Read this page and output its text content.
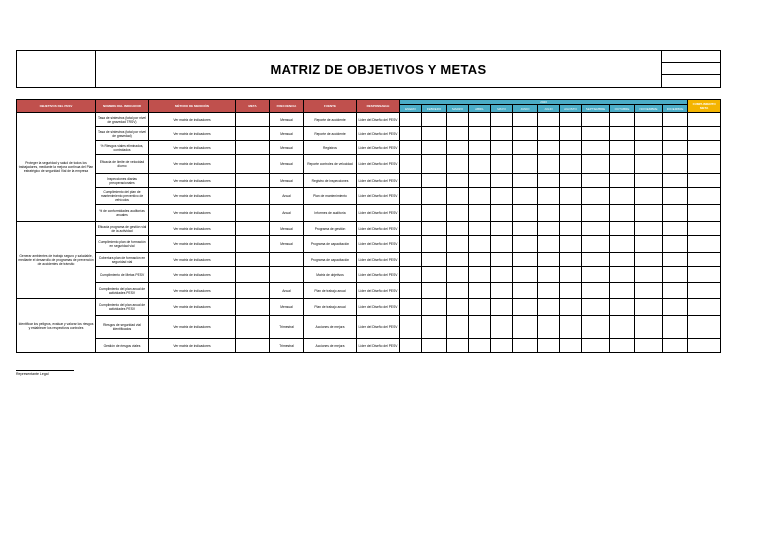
MATRIZ DE OBJETIVOS Y METAS
OBJETIVOS DEL PESV	NOMBRE DEL INDICADOR	MÉTODO DE MEDICIÓN	META	FRECUENCIA	FUENTE	RESPONSABLE	2020												CUMPLIMIENTO META
							ENERO	FEBRERO	MARZO	ABRIL	MAYO	JUNIO	JULIO	AGOSTO	SEPTIEMBRE	OCTUBRE	NOVIEMBRE	DICIEMBRE	
Proteger la seguridad y salud de todos los trabajadores, mediante la mejora continua del Plan estratégico de seguridad Vial de la empresa	Tasa de siniestros (total por nivel de gravedad TRSV)	Ver matriz de indicadores		Mensual	Reporte de accidente	Líder del Diseño del PESV													
	Tasa de siniestros (total por nivel de gravedad)	Ver matriz de indicadores		Mensual	Reporte de accidente	Líder del Diseño del PESV													
	% Riesgos viales eliminados, controlados	Ver matriz de indicadores		Mensual	Registros	Líder del Diseño del PESV													
	Eficacia de límite de velocidad diurno	Ver matriz de indicadores		Mensual	Reporte controles de velocidad	Líder del Diseño del PESV													
	Inspecciones diarias preoperacionales	Ver matriz de indicadores		Mensual	Registro de inspecciones	Líder del Diseño del PESV													
	Cumplimiento del plan de mantenimiento preventivo de vehículos	Ver matriz de indicadores		Anual	Plan de mantenimiento	Líder del Diseño del PESV													
	% de conformidades auditorías anuales	Ver matriz de indicadores		Anual	Informes de auditoría	Líder del Diseño del PESV													
Generar ambientes de trabajo seguro y saludable, mediante el desarrollo de programas de prevención de accidentes de tránsito	Eficacia programa de gestión vial de la actividad	Ver matriz de indicadores		Mensual	Programa de gestión	Líder del Diseño del PESV													
	Cumplimiento plan de formación en seguridad vial	Ver matriz de indicadores		Mensual	Programa de capacitación	Líder del Diseño del PESV													
	Cobertura plan de formación en seguridad vial	Ver matriz de indicadores			Programa de capacitación	Líder del Diseño del PESV													
	Cumplimiento de Metas PESV	Ver matriz de indicadores			Matriz de objetivos	Líder del Diseño del PESV													
	Cumplimiento del plan anual de actividades PESV	Ver matriz de indicadores		Anual	Plan de trabajo anual	Líder del Diseño del PESV													
Identificar los peligros, evaluar y valorar los riesgos y establecer los respectivos controles	Cumplimiento del plan anual de actividades PESV	Ver matriz de indicadores		Mensual	Plan de trabajo anual	Líder del Diseño del PESV													
	Riesgos de seguridad vial identificados	Ver matriz de indicadores		Trimestral	Acciones de mejora	Líder del Diseño del PESV													
	Gestión de riesgos viales	Ver matriz de indicadores		Trimestral	Acciones de mejora	Líder del Diseño del PESV													
Representante Legal
